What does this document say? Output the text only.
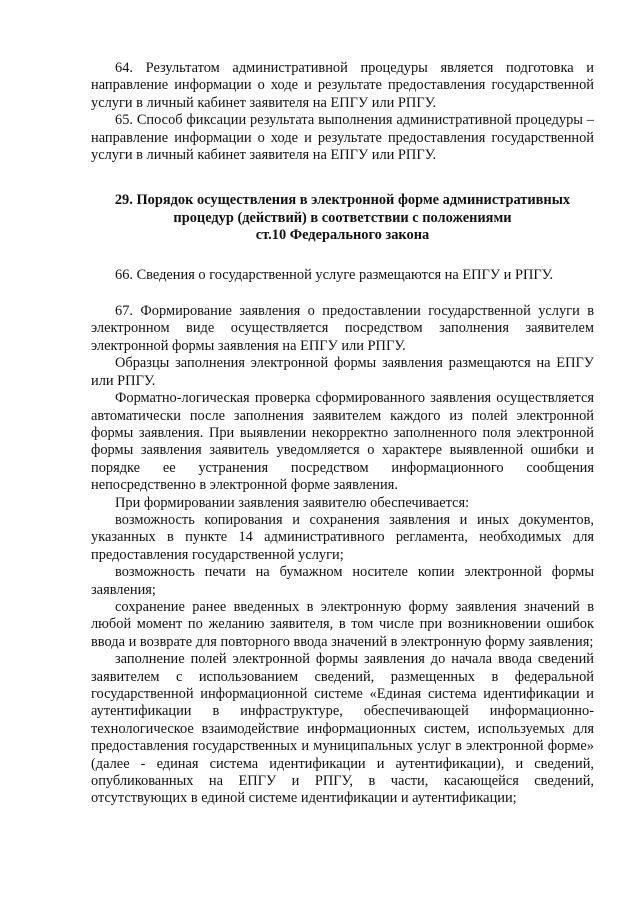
64. Результатом административной процедуры является подготовка и направление информации о ходе и результате предоставления государственной услуги в личный кабинет заявителя на ЕПГУ или РПГУ.

65. Способ фиксации результата выполнения административной процедуры – направление информации о ходе и результате предоставления государственной услуги в личный кабинет заявителя на ЕПГУ или РПГУ.

29. Порядок осуществления в электронной форме административных
процедур (действий) в соответствии с положениями
ст.10 Федерального закона

66. Сведения о государственной услуге размещаются на ЕПГУ и РПГУ.

67. Формирование заявления о предоставлении государственной услуги в электронном виде осуществляется посредством заполнения заявителем электронной формы заявления на ЕПГУ или РПГУ.

Образцы заполнения электронной формы заявления размещаются на ЕПГУ или РПГУ.

Форматно-логическая проверка сформированного заявления осуществляется автоматически после заполнения заявителем каждого из полей электронной формы заявления. При выявлении некорректно заполненного поля электронной формы заявления заявитель уведомляется о характере выявленной ошибки и порядке ее устранения посредством информационного сообщения непосредственно в электронной форме заявления.

При формировании заявления заявителю обеспечивается:

возможность копирования и сохранения заявления и иных документов, указанных в пункте 14 административного регламента, необходимых для предоставления государственной услуги;

возможность печати на бумажном носителе копии электронной формы заявления;

сохранение ранее введенных в электронную форму заявления значений в любой момент по желанию заявителя, в том числе при возникновении ошибок ввода и возврате для повторного ввода значений в электронную форму заявления;

заполнение полей электронной формы заявления до начала ввода сведений заявителем с использованием сведений, размещенных в федеральной государственной информационной системе «Единая система идентификации и аутентификации в инфраструктуре, обеспечивающей информационно-технологическое взаимодействие информационных систем, используемых для предоставления государственных и муниципальных услуг в электронной форме» (далее - единая система идентификации и аутентификации), и сведений, опубликованных на ЕПГУ и РПГУ, в части, касающейся сведений, отсутствующих в единой системе идентификации и аутентификации;
